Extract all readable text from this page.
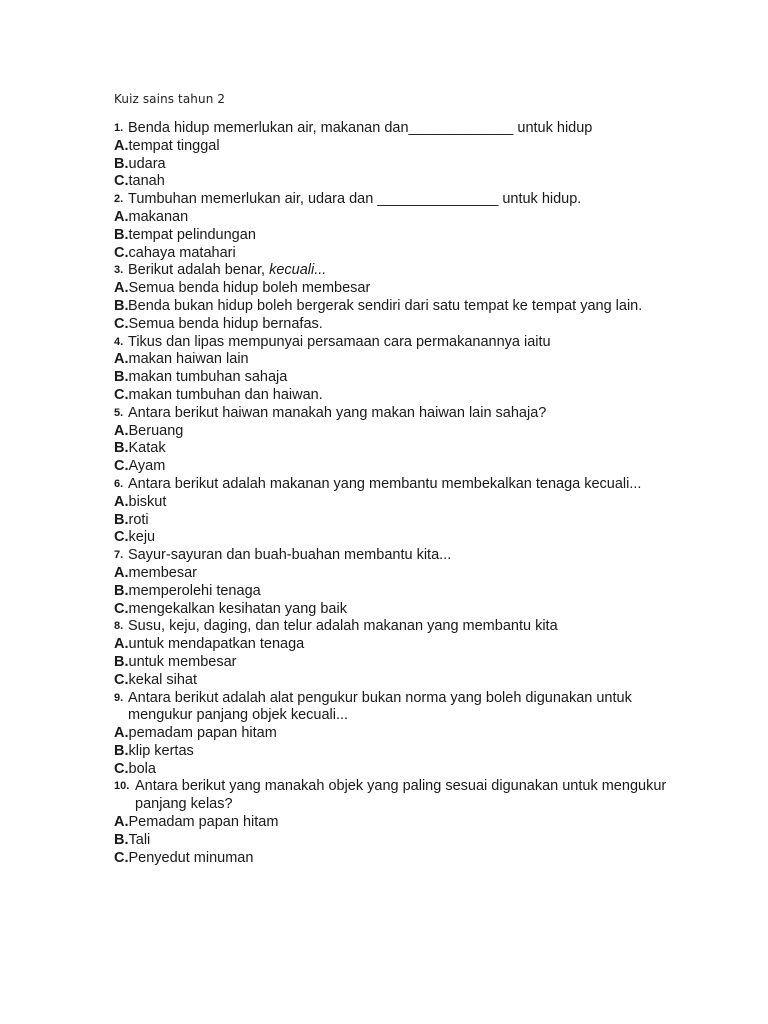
Kuiz sains tahun 2
1. Benda hidup memerlukan air, makanan dan_____________ untuk hidup
A.tempat tinggal
B.udara
C.tanah
2. Tumbuhan memerlukan air, udara dan _______________ untuk hidup.
A.makanan
B.tempat pelindungan
C.cahaya matahari
3. Berikut adalah benar, kecuali...
A.Semua benda hidup boleh membesar
B. Benda bukan hidup boleh bergerak sendiri dari satu tempat ke tempat yang lain.
C.Semua benda hidup bernafas.
4. Tikus dan lipas mempunyai persamaan cara permakanannya iaitu
A.makan haiwan lain
B.makan tumbuhan sahaja
C.makan tumbuhan dan haiwan.
5. Antara berikut haiwan manakah yang makan haiwan lain sahaja?
A.Beruang
B.Katak
C.Ayam
6. Antara berikut adalah makanan yang membantu membekalkan tenaga kecuali...
A.biskut
B.roti
C.keju
7. Sayur-sayuran dan buah-buahan membantu kita...
A.membesar
B.memperolehi tenaga
C.mengekalkan kesihatan yang baik
8. Susu, keju, daging, dan telur adalah makanan yang membantu kita
A.untuk mendapatkan tenaga
B.untuk membesar
C.kekal sihat
9. Antara berikut adalah alat pengukur bukan norma yang boleh digunakan untuk mengukur panjang objek kecuali...
A.pemadam papan hitam
B.klip kertas
C.bola
10. Antara berikut yang manakah objek yang paling sesuai digunakan untuk mengukur panjang kelas?
A.Pemadam papan hitam
B.Tali
C.Penyedut minuman
